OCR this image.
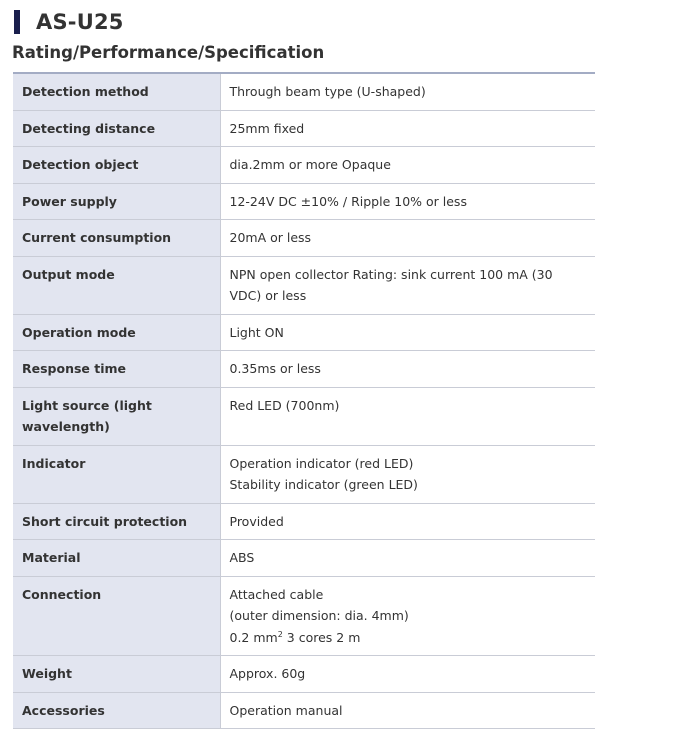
AS-U25
Rating/Performance/Specification
Detection method	Through beam type (U-shaped)

Detecting distance	25mm fixed

Detection object	dia.2mm or more Opaque

Power supply	12-24V DC ±10% / Ripple 10% or less

Current consumption	20mA or less

Output mode	NPN open collector Rating: sink current 100 mA (30 VDC) or less

Operation mode	Light ON

Response time	0.35ms or less

Light source (light wavelength)	Red LED (700nm)

Indicator	Operation indicator (red LED)
Stability indicator (green LED)

Short circuit protection	Provided

Material	ABS

Connection	Attached cable
(outer dimension: dia. 4mm)
0.2 $mm^2$ 3 cores 2 m

Weight	Approx. 60g

Accessories	Operation manual
